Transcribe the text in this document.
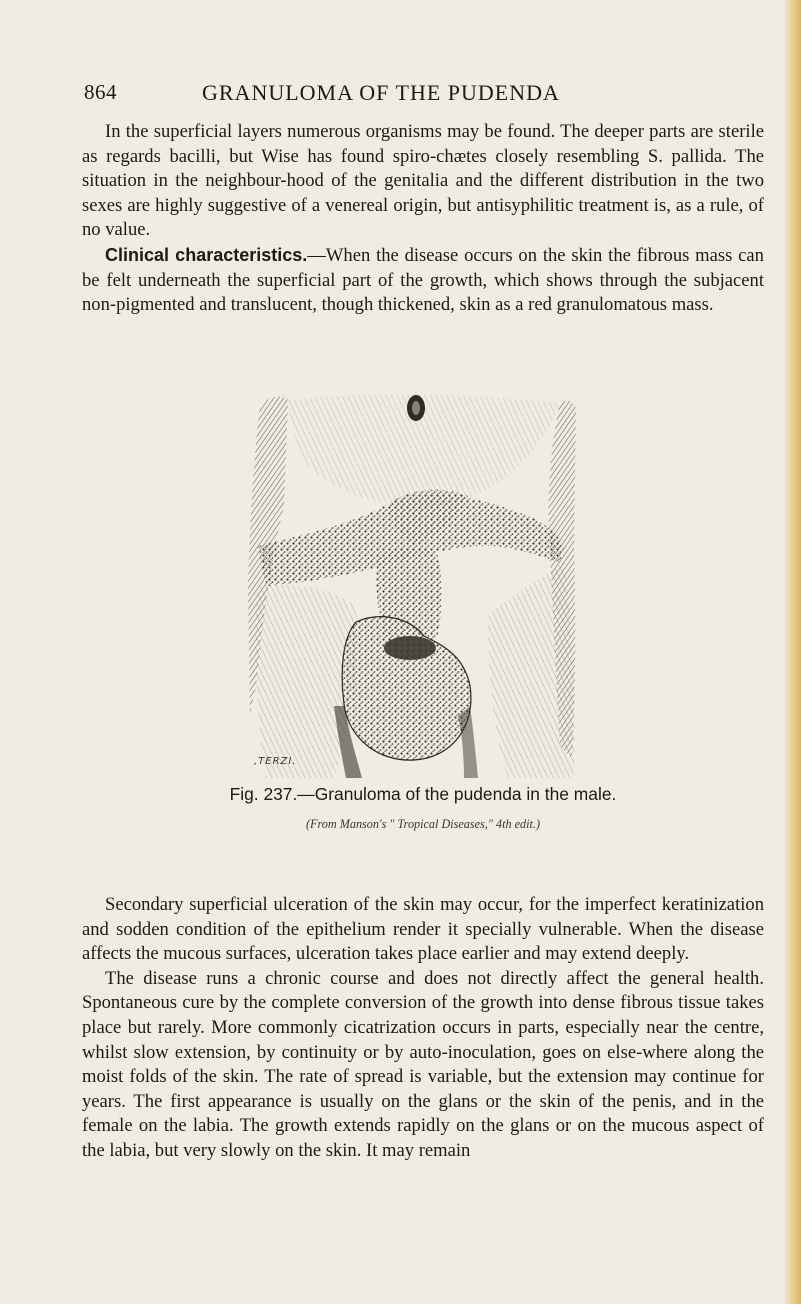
864	GRANULOMA OF THE PUDENDA

In the superficial layers numerous organisms may be found. The deeper parts are sterile as regards bacilli, but Wise has found spiro-chætes closely resembling S. pallida. The situation in the neighbour-hood of the genitalia and the different distribution in the two sexes are highly suggestive of a venereal origin, but antisyphilitic treatment is, as a rule, of no value.

Clinical characteristics.—When the disease occurs on the skin the fibrous mass can be felt underneath the superficial part of the growth, which shows through the subjacent non-pigmented and translucent, though thickened, skin as a red granulomatous mass.

,TERZI.
Fig. 237.—Granuloma of the pudenda in the male.
(From Manson's " Tropical Diseases," 4th edit.)

Secondary superficial ulceration of the skin may occur, for the imperfect keratinization and sodden condition of the epithelium render it specially vulnerable. When the disease affects the mucous surfaces, ulceration takes place earlier and may extend deeply.

The disease runs a chronic course and does not directly affect the general health. Spontaneous cure by the complete conversion of the growth into dense fibrous tissue takes place but rarely. More commonly cicatrization occurs in parts, especially near the centre, whilst slow extension, by continuity or by auto-inoculation, goes on else-where along the moist folds of the skin. The rate of spread is variable, but the extension may continue for years. The first appearance is usually on the glans or the skin of the penis, and in the female on the labia. The growth extends rapidly on the glans or on the mucous aspect of the labia, but very slowly on the skin. It may remain
